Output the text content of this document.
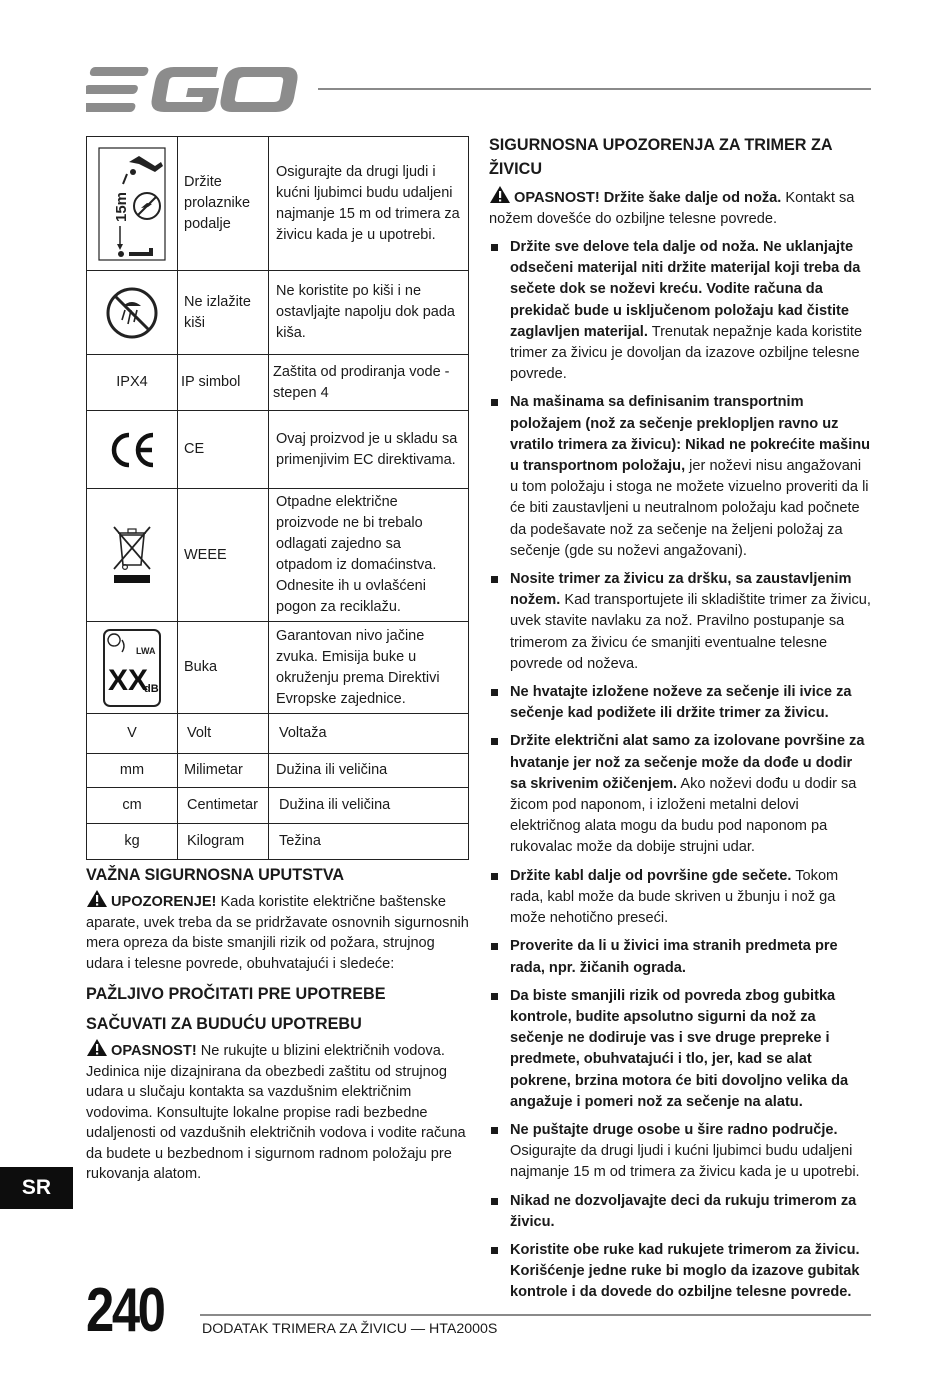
15m	Držite prolaznike podalje	Osigurajte da drugi ljudi i kućni ljubimci budu udaljeni najmanje 15 m od trimera za živicu kada je u upotrebi.

	Ne izlažite kiši	Ne koristite po kiši i ne ostavljajte napolju dok pada kiša.
IPX4	IP simbol	Zaštita od prodiranja vode - stepen 4

	CE	Ovaj proizvod je u skladu sa primenjivim EC direktivama.

	WEEE	Otpadne električne proizvode ne bi trebalo odlagati zajedno sa otpadom iz domaćinstva. Odnesite ih u ovlašćeni pogon za reciklažu.

LWA
XX
dB	Buka	Garantovan nivo jačine zvuka. Emisija buke u okruženju prema Direktivi Evropske zajednice.
V	Volt	Voltaža
mm	Milimetar	Dužina ili veličina
cm	Centimetar	Dužina ili veličina
kg	Kilogram	Težina
VAŽNA SIGURNOSNA UPUTSTVA
UPOZORENJE! Kada koristite električne baštenske aparate, uvek treba da se pridržavate osnovnih sigurnosnih mera opreza da biste smanjili rizik od požara, strujnog udara i telesne povrede, obuhvatajući i sledeće:
PAŽLJIVO PROČITATI PRE UPOTREBE
SAČUVATI ZA BUDUĆU UPOTREBU
OPASNOST! Ne rukujte u blizini električnih vodova. Jedinica nije dizajnirana da obezbedi zaštitu od strujnog udara u slučaju kontakta sa vazdušnim električnim vodovima. Konsultujte lokalne propise radi bezbedne udaljenosti od vazdušnih električnih vodova i vodite računa da budete u bezbednom i sigurnom radnom položaju pre rukovanja alatom.
SIGURNOSNA UPOZORENJA ZA TRIMER ZA ŽIVICU
OPASNOST! Držite šake dalje od noža. Kontakt sa nožem dovešće do ozbiljne telesne povrede.
Držite sve delove tela dalje od noža. Ne uklanjajte odsečeni materijal niti držite materijal koji treba da sečete dok se noževi kreću. Vodite računa da prekidač bude u isključenom položaju kad čistite zaglavljen materijal. Trenutak nepažnje kada koristite trimer za živicu je dovoljan da izazove ozbiljne telesne povrede.
Na mašinama sa definisanim transportnim položajem (nož za sečenje preklopljen ravno uz vratilo trimera za živicu): Nikad ne pokrećite mašinu u transportnom položaju, jer noževi nisu angažovani u tom položaju i stoga ne možete vizuelno proveriti da li će biti zaustavljeni u neutralnom položaju kad počnete da podešavate nož za sečenje na željeni položaj za sečenje (gde su noževi angažovani).
Nosite trimer za živicu za dršku, sa zaustavljenim nožem. Kad transportujete ili skladištite trimer za živicu, uvek stavite navlaku za nož. Pravilno postupanje sa trimerom za živicu će smanjiti eventualne telesne povrede od noževa.
Ne hvatajte izložene noževe za sečenje ili ivice za sečenje kad podižete ili držite trimer za živicu.
Držite električni alat samo za izolovane površine za hvatanje jer nož za sečenje može da dođe u dodir sa skrivenim ožičenjem. Ako noževi dođu u dodir sa žicom pod naponom, i izloženi metalni delovi električnog alata mogu da budu pod naponom pa rukovalac može da dobije strujni udar.
Držite kabl dalje od površine gde sečete. Tokom rada, kabl može da bude skriven u žbunju i nož ga može nehotično preseći.
Proverite da li u živici ima stranih predmeta pre rada, npr. žičanih ograda.
Da biste smanjili rizik od povreda zbog gubitka kontrole, budite apsolutno sigurni da nož za sečenje ne dodiruje vas i sve druge prepreke i predmete, obuhvatajući i tlo, jer, kad se alat pokrene, brzina motora će biti dovoljno velika da angažuje i pomeri nož za sečenje na alatu.
Ne puštajte druge osobe u šire radno područje. Osigurajte da drugi ljudi i kućni ljubimci budu udaljeni najmanje 15 m od trimera za živicu kada je u upotrebi.
Nikad ne dozvoljavajte deci da rukuju trimerom za živicu.
Koristite obe ruke kad rukujete trimerom za živicu. Korišćenje jedne ruke bi moglo da izazove gubitak kontrole i da dovede do ozbiljne telesne povrede.
SR
240	DODATAK TRIMERA ZA ŽIVICU — HTA2000S
